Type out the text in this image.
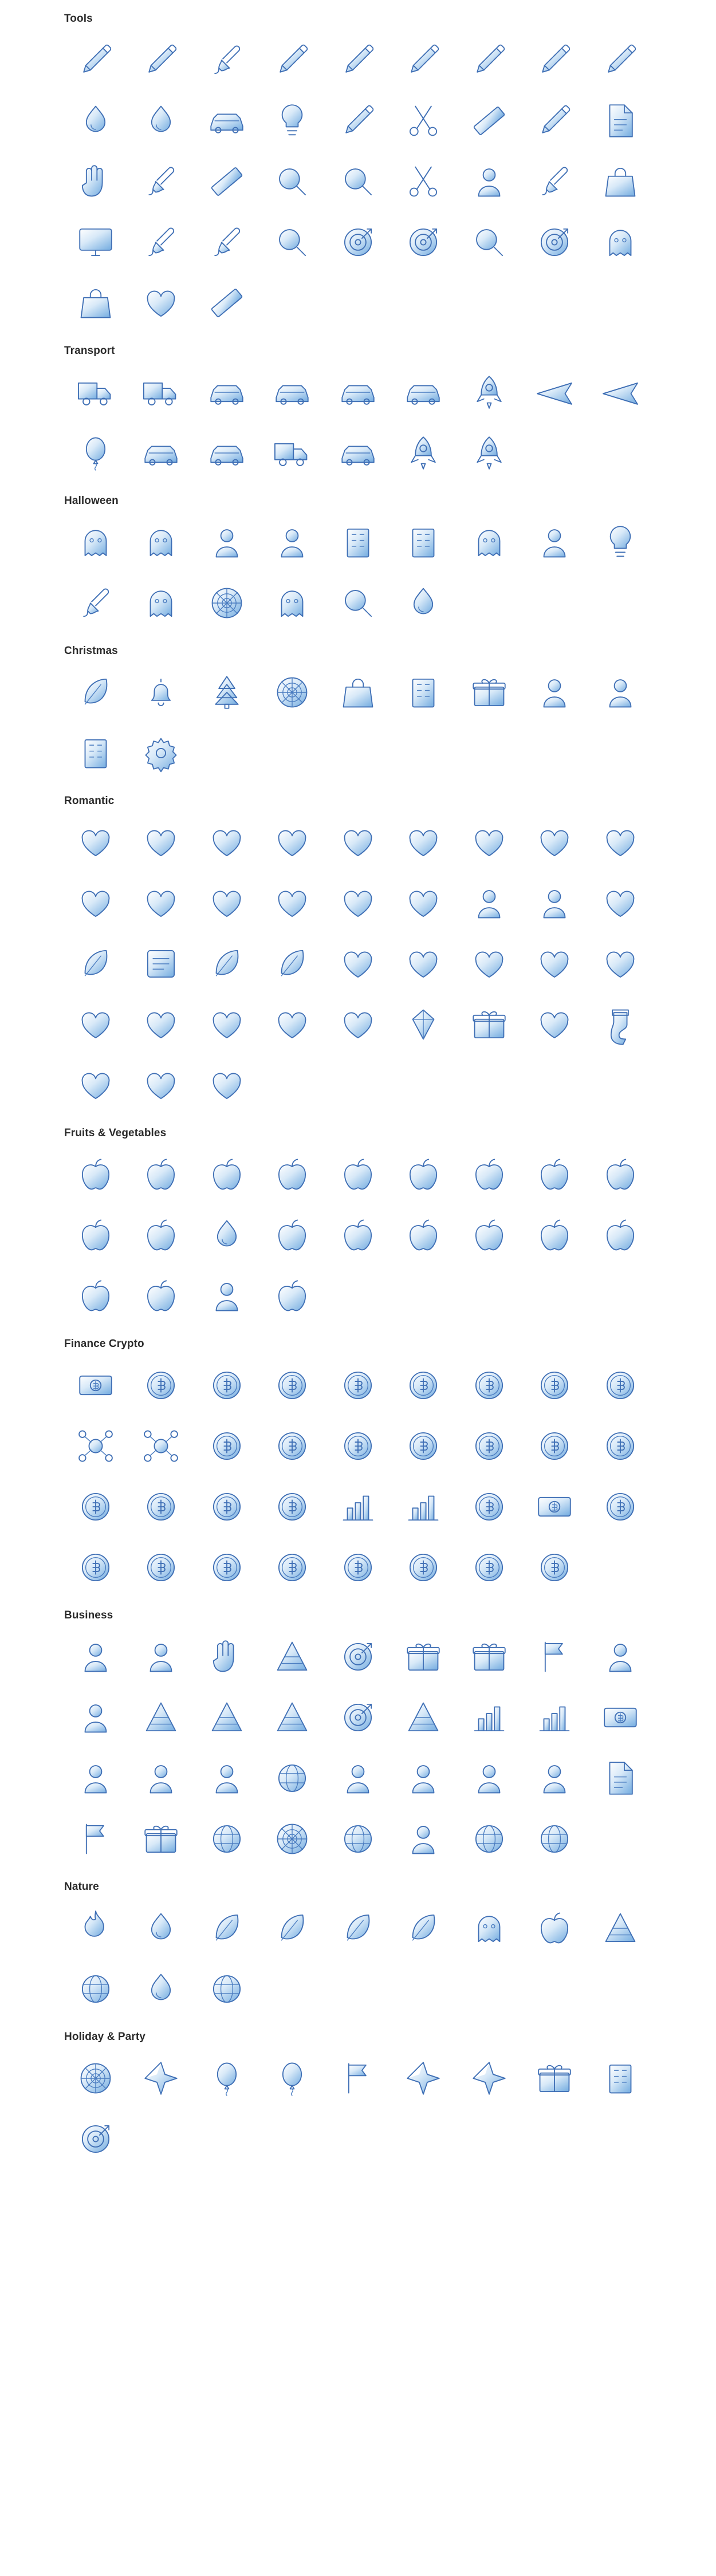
Tools
Transport
Halloween
Christmas
Romantic
Fruits & Vegetables
Finance Crypto
Business
Nature
Holiday & Party
